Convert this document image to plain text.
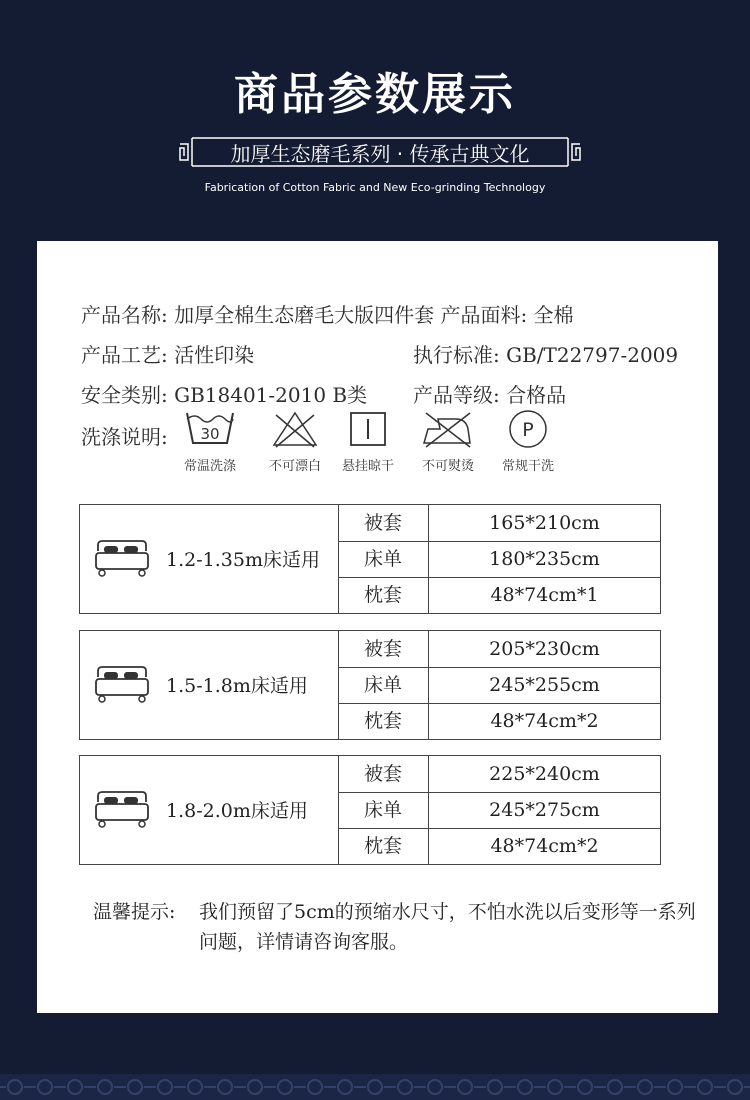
商品参数展示
加厚生态磨毛系列 · 传承古典文化
Fabrication of Cotton Fabric and New Eco-grinding Technology
产品名称: 加厚全棉生态磨毛大版四件套 产品面料: 全棉
产品工艺: 活性印染	执行标准: GB/T22797-2009
安全类别: GB18401-2010 B类 产品等级: 合格品
洗涤说明: 30
常温洗涤	不可漂白	悬挂晾干	不可熨烫
P
常规干洗
1.2-1.35m床适用
被套	165*210cm
床单	180*235cm
枕套	48*74cm*1
1.5-1.8m床适用
被套	205*230cm
床单	245*255cm
枕套	48*74cm*2
1.8-2.0m床适用
被套	225*240cm
床单	245*275cm
枕套	48*74cm*2
温馨提示: 我们预留了5cm的预缩水尺寸，不怕水洗以后变形等一系列问题，详情请咨询客服。
